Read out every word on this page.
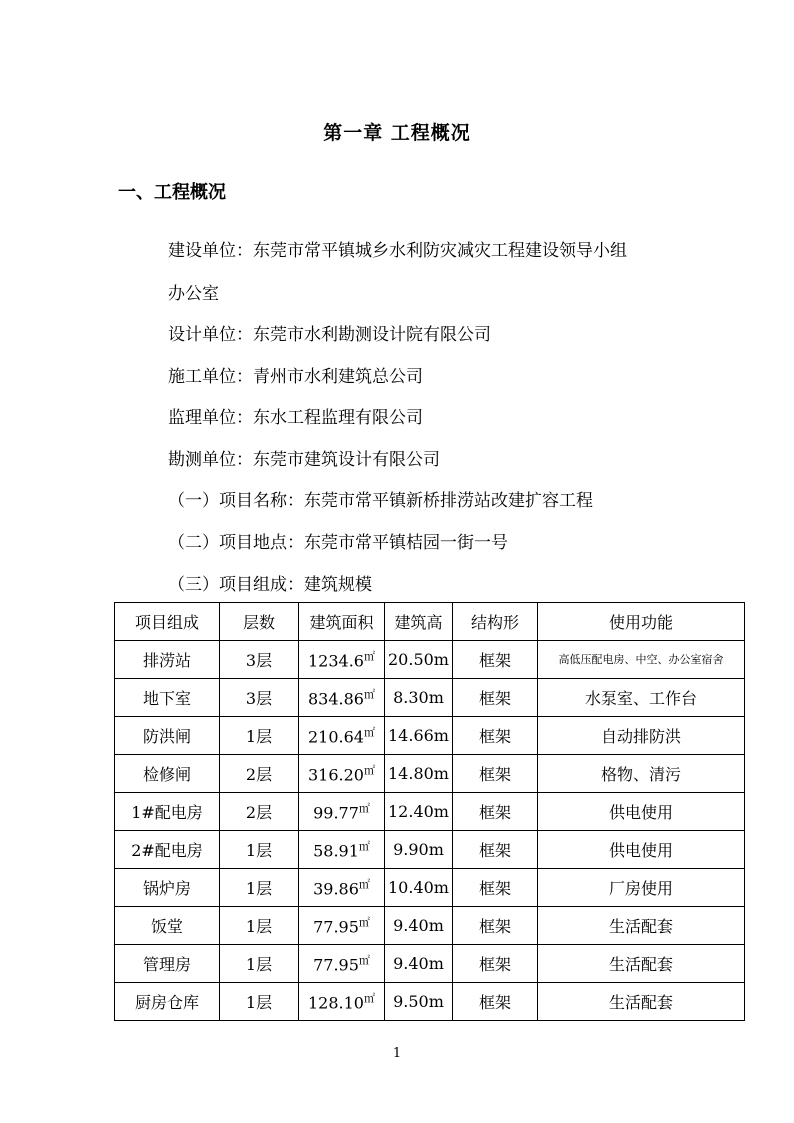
第一章 工程概况
一、工程概况
建设单位：东莞市常平镇城乡水利防灾减灾工程建设领导小组
办公室
设计单位：东莞市水利勘测设计院有限公司
施工单位：青州市水利建筑总公司
监理单位：东水工程监理有限公司
勘测单位：东莞市建筑设计有限公司
（一）项目名称：东莞市常平镇新桥排涝站改建扩容工程
（二）项目地点：东莞市常平镇桔园一街一号
（三）项目组成：建筑规模
项目组成	层数	建筑面积	建筑高	结构形	使用功能
排涝站	3层	1234.6㎡	20.50m	框架	高低压配电房、中空、办公室宿舍
地下室	3层	834.86㎡	8.30m	框架	水泵室、工作台
防洪闸	1层	210.64㎡	14.66m	框架	自动排防洪
检修闸	2层	316.20㎡	14.80m	框架	格物、清污
1#配电房	2层	99.77㎡	12.40m	框架	供电使用
2#配电房	1层	58.91㎡	9.90m	框架	供电使用
锅炉房	1层	39.86㎡	10.40m	框架	厂房使用
饭堂	1层	77.95㎡	9.40m	框架	生活配套
管理房	1层	77.95㎡	9.40m	框架	生活配套
厨房仓库	1层	128.10㎡	9.50m	框架	生活配套
1
